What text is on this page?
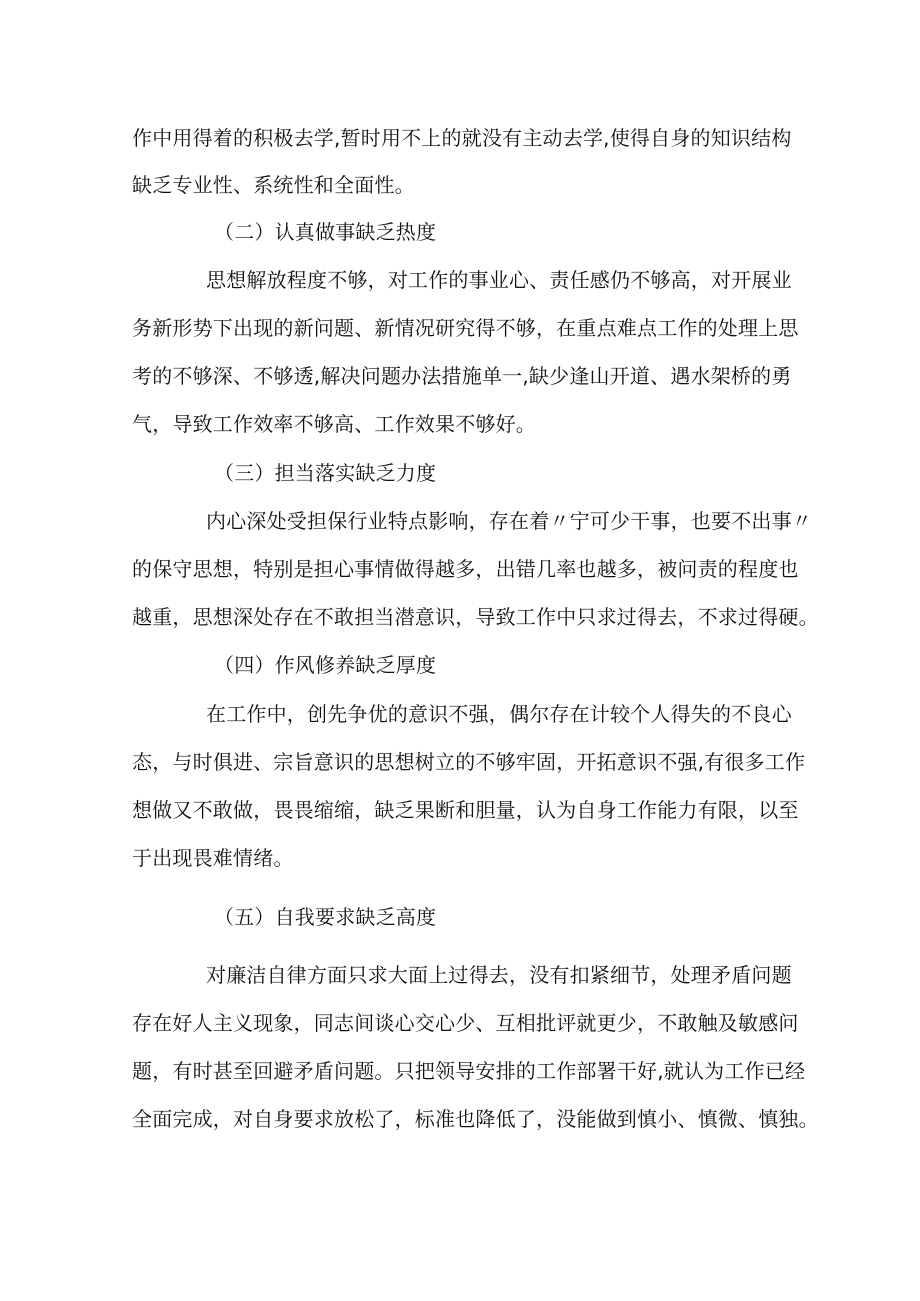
作中用得着的积极去学,暂时用不上的就没有主动去学,使得自身的知识结构
缺乏专业性、系统性和全面性。
（二）认真做事缺乏热度
思想解放程度不够，对工作的事业心、责任感仍不够高，对开展业
务新形势下出现的新问题、新情况研究得不够，在重点难点工作的处理上思
考的不够深、不够透,解决问题办法措施单一,缺少逢山开道、遇水架桥的勇
气，导致工作效率不够高、工作效果不够好。
（三）担当落实缺乏力度
内心深处受担保行业特点影响，存在着〃宁可少干事，也要不出事〃
的保守思想，特别是担心事情做得越多，出错几率也越多，被问责的程度也
越重，思想深处存在不敢担当潜意识，导致工作中只求过得去，不求过得硬。
（四）作风修养缺乏厚度
在工作中，创先争优的意识不强，偶尔存在计较个人得失的不良心
态，与时俱进、宗旨意识的思想树立的不够牢固，开拓意识不强,有很多工作
想做又不敢做，畏畏缩缩，缺乏果断和胆量，认为自身工作能力有限，以至
于出现畏难情绪。
（五）自我要求缺乏高度
对廉洁自律方面只求大面上过得去，没有扣紧细节，处理矛盾问题
存在好人主义现象，同志间谈心交心少、互相批评就更少，不敢触及敏感问
题，有时甚至回避矛盾问题。只把领导安排的工作部署干好,就认为工作已经
全面完成，对自身要求放松了，标准也降低了，没能做到慎小、慎微、慎独。
